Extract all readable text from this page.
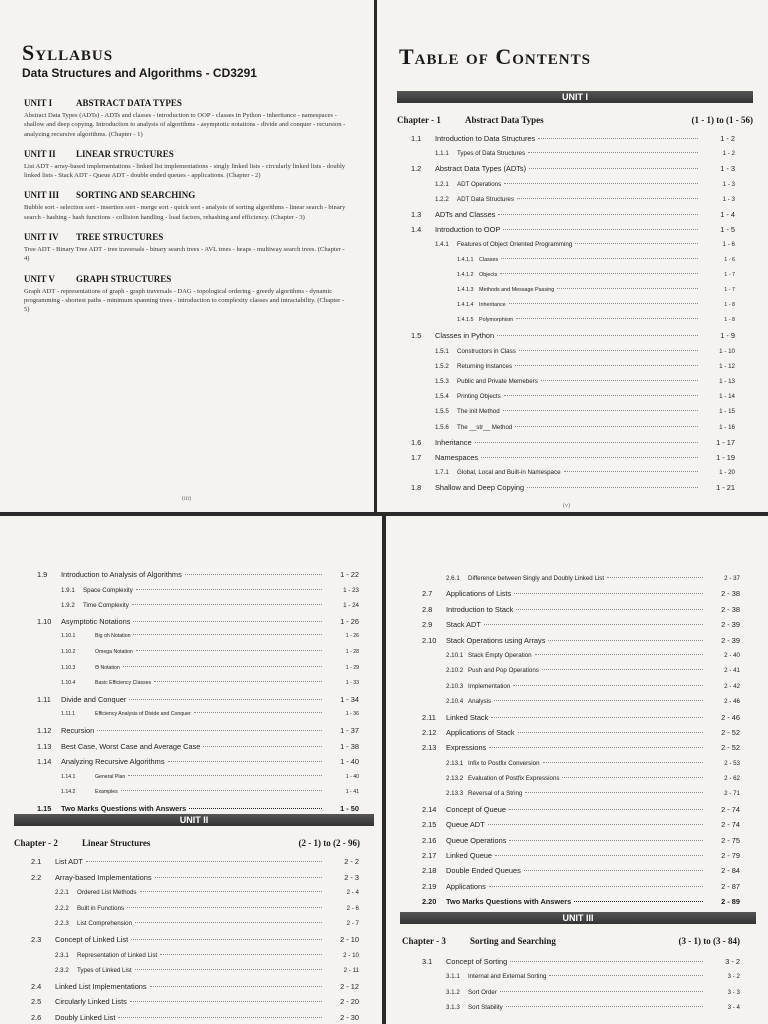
Syllabus
Data Structures and Algorithms - CD3291
UNIT I	ABSTRACT DATA TYPES
Abstract Data Types (ADTs) - ADTs and classes - introduction to OOP - classes in Python - inheritance - namespaces - shallow and deep copying. Introduction to analysis of algorithms - asymptotic notations - divide and conquer - recursion - analyzing recursive algorithms. (Chapter - 1)
UNIT II	LINEAR STRUCTURES
List ADT - array-based implementations - linked list implementations - singly linked lists - circularly linked lists - doubly linked lists - Stack ADT - Queue ADT - double ended queues - applications. (Chapter - 2)
UNIT III	SORTING AND SEARCHING
Bubble sort - selection sort - insertion sort - merge sort - quick sort - analysis of sorting algorithms - linear search - binary search - hashing - hash functions - collision handling - load factors, rehashing and efficiency. (Chapter - 3)
UNIT IV	TREE STRUCTURES
Tree ADT - Binary Tree ADT - tree traversals - binary search trees - AVL trees - heaps - multiway search trees. (Chapter - 4)
UNIT V	GRAPH STRUCTURES
Graph ADT - representations of graph - graph traversals - DAG - topological ordering - greedy algorithms - dynamic programming - shortest paths - minimum spanning trees - introduction to complexity classes and intractability. (Chapter - 5)
(iii)
Table of Contents
UNIT I
Chapter - 1	Abstract Data Types	(1 - 1) to (1 - 56)
1.1	Introduction to Data Structures	1 - 2
1.1.1	Types of Data Structures	1 - 2
1.2	Abstract Data Types (ADTs)	1 - 3
1.2.1	ADT Operations	1 - 3
1.2.2	ADT Data Structures	1 - 3
1.3	ADTs and Classes	1 - 4
1.4	Introduction to OOP	1 - 5
1.4.1	Features of Object Oriented Programming	1 - 6
1.4.1.1	Classes	1 - 6
1.4.1.2	Objects	1 - 7
1.4.1.3	Methods and Message Passing	1 - 7
1.4.1.4	Inheritance	1 - 8
1.4.1.5	Polymorphism	1 - 8
1.5	Classes in Python	1 - 9
1.5.1	Constructors in Class	1 - 10
1.5.2	Returning Instances	1 - 12
1.5.3	Public and Private Memebers	1 - 13
1.5.4	Printing Objects	1 - 14
1.5.5	The init Method	1 - 15
1.5.6	The __str__ Method	1 - 16
1.6	Inheritance	1 - 17
1.7	Namespaces	1 - 19
1.7.1	Global, Local and Built-in Namespace	1 - 20
1.8	Shallow and Deep Copying	1 - 21
(v)
1.9	Introduction to Analysis of Algorithms	1 - 22
1.9.1	Space Complexity	1 - 23
1.9.2	Time Complexity	1 - 24
1.10	Asymptotic Notations	1 - 26
1.10.1	Big oh Notation	1 - 26
1.10.2	Omega Notation	1 - 28
1.10.3	Θ Notation	1 - 29
1.10.4	Basic Efficiency Classes	1 - 33
1.11	Divide and Conquer	1 - 34
1.11.1	Efficiency Analysis of Divide and Conquer	1 - 36
1.12	Recursion	1 - 37
1.13	Best Case, Worst Case and Average Case	1 - 38
1.14	Analyzing Recursive Algorithms	1 - 40
1.14.1	General Plan	1 - 40
1.14.2	Examples	1 - 41
1.15	Two Marks Questions with Answers	1 - 50
UNIT II
Chapter - 2	Linear Structures	(2 - 1) to (2 - 96)
2.1	List ADT	2 - 2
2.2	Array-based Implementations	2 - 3
2.2.1	Ordered List Methods	2 - 4
2.2.2	Built in Functions	2 - 6
2.2.3	List Comprehension	2 - 7
2.3	Concept of Linked List	2 - 10
2.3.1	Representation of Linked List	2 - 10
2.3.2	Types of Linked List	2 - 11
2.4	Linked List Implementations	2 - 12
2.5	Circularly Linked Lists	2 - 20
2.6	Doubly Linked List	2 - 30
2.6.1	Difference between Singly and Doubly Linked List	2 - 37
2.7	Applications of Lists	2 - 38
2.8	Introduction to Stack	2 - 38
2.9	Stack ADT	2 - 39
2.10	Stack Operations using Arrays	2 - 39
2.10.1 Stack Empty Operation	2 - 40
2.10.2 Push and Pop Operations	2 - 41
2.10.3 Implementation	2 - 42
2.10.4 Analysis	2 - 46
2.11	Linked Stack	2 - 46
2.12	Applications of Stack	2 - 52
2.13	Expressions	2 - 52
2.13.1 Infix to Postfix Conversion	2 - 53
2.13.2 Evaluation of Postfix Expressions	2 - 62
2.13.3 Reversal of a String	2 - 71
2.14	Concept of Queue	2 - 74
2.15	Queue ADT	2 - 74
2.16	Queue Operations	2 - 75
2.17	Linked Queue	2 - 79
2.18	Double Ended Queues	2 - 84
2.19	Applications	2 - 87
2.20	Two Marks Questions with Answers	2 - 89
UNIT III
Chapter - 3	Sorting and Searching	(3 - 1) to (3 - 84)
3.1	Concept of Sorting	3 - 2
3.1.1	Internal and External Sorting	3 - 2
3.1.2	Sort Order	3 - 3
3.1.3	Sort Stability	3 - 4
